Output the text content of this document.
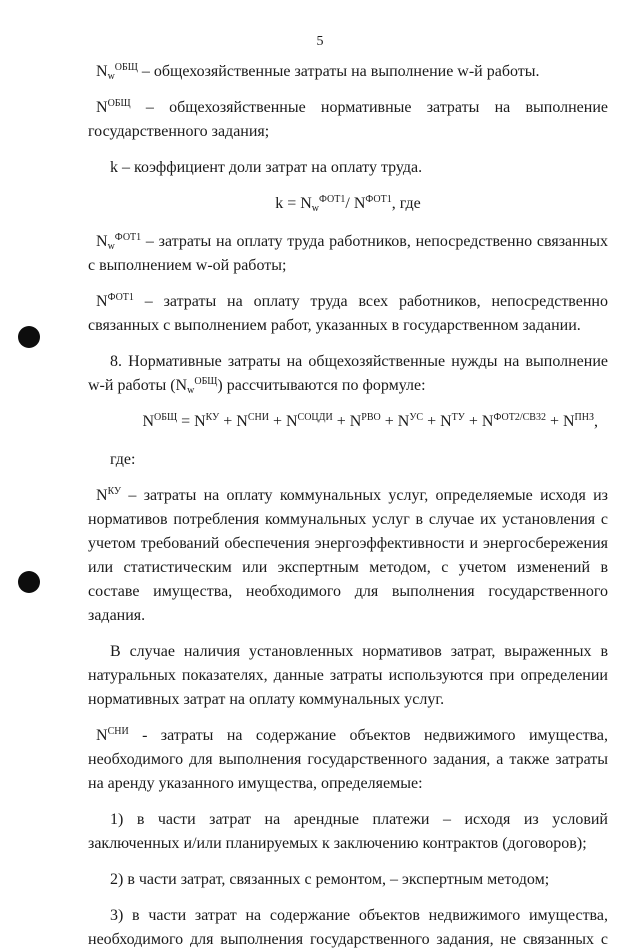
5

$N_w^{ОБЩ}$ – общехозяйственные затраты на выполнение w-й работы.

$N^{ОБЩ}$ – общехозяйственные нормативные затраты на выполнение государственного задания;

k – коэффициент доли затрат на оплату труда.

$k = N_w^{ФОТ1}/$ $N^{ФОТ1}$, где

$N_w^{ФОТ1}$ – затраты на оплату труда работников, непосредственно связанных с выполнением w-ой работы;

$N^{ФОТ1}$ – затраты на оплату труда всех работников, непосредственно связанных с выполнением работ, указанных в государственном задании.

8. Нормативные затраты на общехозяйственные нужды на выполнение w-й работы $(N_w^{ОБЩ})$ рассчитываются по формуле:

$N^{ОБЩ} = N^{КУ} + N^{СНИ} + N^{СОЦДИ} + N^{РВО} + N^{УС} + N^{ТУ} + N^{ФОТ2/СВ32} + N^{ПНЗ}$,

где:

$N^{КУ}$ – затраты на оплату коммунальных услуг, определяемые исходя из нормативов потребления коммунальных услуг в случае их установления с учетом требований обеспечения энергоэффективности и энергосбережения или статистическим или экспертным методом, с учетом изменений в составе имущества, необходимого для выполнения государственного задания.

В случае наличия установленных нормативов затрат, выраженных в натуральных показателях, данные затраты используются при определении нормативных затрат на оплату коммунальных услуг.

$N^{СНИ}$ - затраты на содержание объектов недвижимого имущества, необходимого для выполнения государственного задания, а также затраты на аренду указанного имущества, определяемые:

1) в части затрат на арендные платежи – исходя из условий заключенных и/или планируемых к заключению контрактов (договоров);

2) в части затрат, связанных с ремонтом, – экспертным методом;

3) в части затрат на содержание объектов недвижимого имущества,
необходимого для выполнения государственного задания, не связанных с
